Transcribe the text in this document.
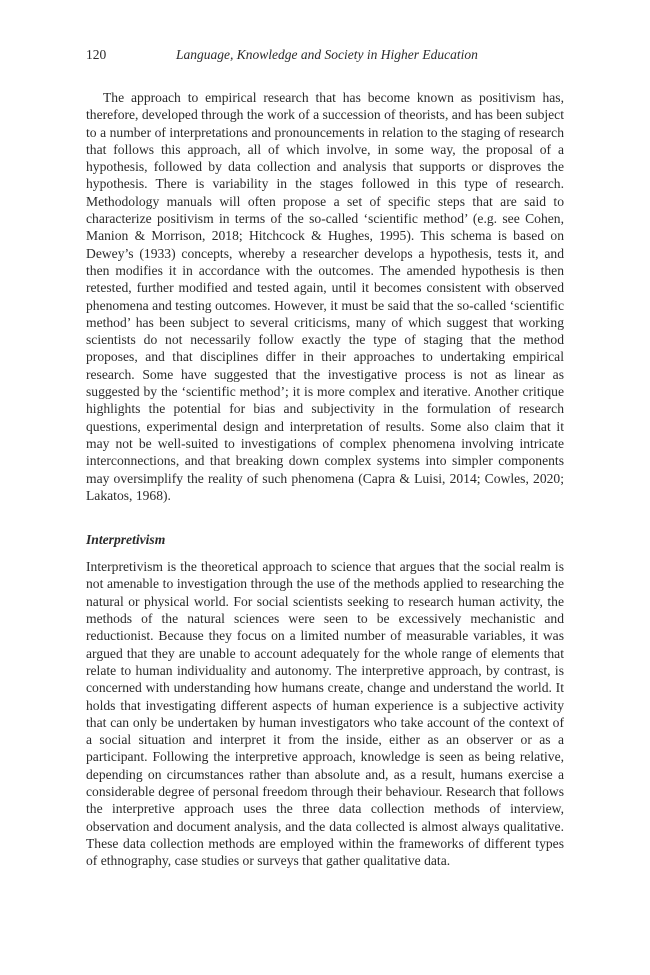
120	Language, Knowledge and Society in Higher Education

The approach to empirical research that has become known as positivism has, therefore, developed through the work of a succession of theorists, and has been subject to a number of interpretations and pronouncements in relation to the staging of research that follows this approach, all of which involve, in some way, the proposal of a hypothesis, followed by data collection and analysis that supports or disproves the hypothesis. There is variability in the stages followed in this type of research. Methodology manuals will often propose a set of specific steps that are said to characterize positivism in terms of the so-called ‘scientific method’ (e.g. see Cohen, Manion & Morrison, 2018; Hitchcock & Hughes, 1995). This schema is based on Dewey’s (1933) concepts, whereby a researcher develops a hypothesis, tests it, and then modifies it in accordance with the outcomes. The amended hypothesis is then retested, further modified and tested again, until it becomes consistent with observed phenomena and testing outcomes. However, it must be said that the so-called ‘scientific method’ has been subject to several criticisms, many of which suggest that working scientists do not necessarily follow exactly the type of staging that the method proposes, and that disciplines differ in their approaches to undertaking empirical research. Some have suggested that the investigative process is not as linear as suggested by the ‘scientific method’; it is more complex and iterative. Another critique highlights the potential for bias and subjectivity in the formulation of research questions, experimental design and interpretation of results. Some also claim that it may not be well-suited to investigations of complex phenomena involving intricate interconnections, and that breaking down complex systems into simpler components may oversimplify the reality of such phenomena (Capra & Luisi, 2014; Cowles, 2020; Lakatos, 1968).

Interpretivism

Interpretivism is the theoretical approach to science that argues that the social realm is not amenable to investigation through the use of the methods applied to researching the natural or physical world. For social scientists seeking to research human activity, the methods of the natural sciences were seen to be excessively mechanistic and reductionist. Because they focus on a limited number of measurable variables, it was argued that they are unable to account adequately for the whole range of elements that relate to human individuality and autonomy. The interpretive approach, by contrast, is concerned with understanding how humans create, change and understand the world. It holds that investigating different aspects of human experience is a subjective activity that can only be undertaken by human investigators who take account of the context of a social situation and interpret it from the inside, either as an observer or as a participant. Following the interpretive approach, knowledge is seen as being relative, depending on circumstances rather than absolute and, as a result, humans exercise a considerable degree of personal freedom through their behaviour. Research that follows the interpretive approach uses the three data collection methods of interview, observation and document analysis, and the data collected is almost always qualitative. These data collection methods are employed within the frameworks of different types of ethnography, case studies or surveys that gather qualitative data.
